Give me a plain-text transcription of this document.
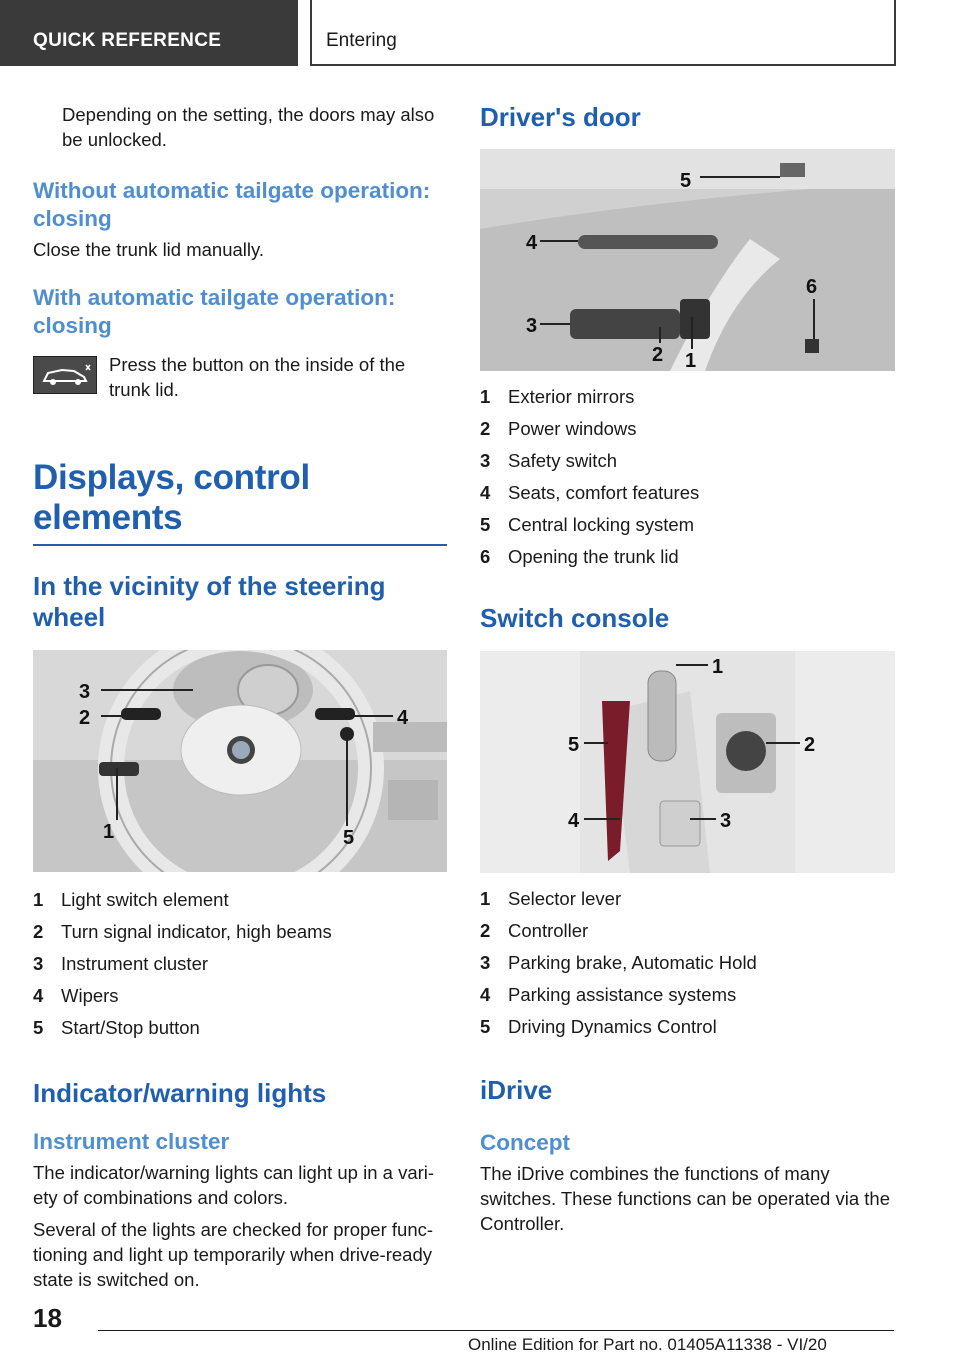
QUICK REFERENCE	Entering

Depending on the setting, the doors may also be unlocked.

Without automatic tailgate operation: closing

Close the trunk lid manually.

With automatic tailgate operation: closing

Press the button on the inside of the trunk lid.

Displays, control elements
In the vicinity of the steering wheel
3
2	4
1	5
1 Light switch element
2 Turn signal indicator, high beams
3 Instrument cluster
4 Wipers
5 Start/Stop button
Indicator/warning lights
Instrument cluster

The indicator/warning lights can light up in a vari-ety of combinations and colors.

Several of the lights are checked for proper func-tioning and light up temporarily when drive-ready state is switched on.

Driver's door
5
4
6
3
2 1
1 Exterior mirrors
2 Power windows
3 Safety switch
4 Seats, comfort features
5 Central locking system
6 Opening the trunk lid
Switch console
1
5	2
4	3
1 Selector lever
2 Controller
3 Parking brake, Automatic Hold
4 Parking assistance systems
5 Driving Dynamics Control
iDrive
Concept

The iDrive combines the functions of many switches. These functions can be operated via the Controller.

18
Online Edition for Part no. 01405A11338 - VI/20
